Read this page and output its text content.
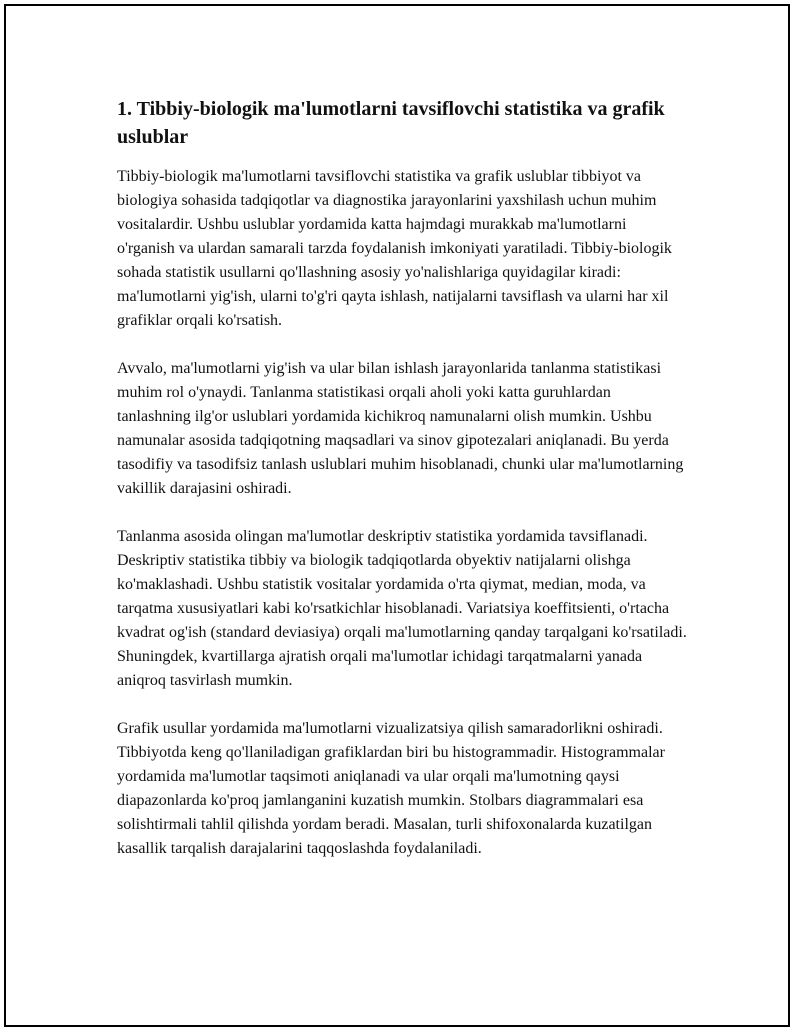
1. Tibbiy-biologik ma'lumotlarni tavsiflovchi statistika va grafik uslublar

Tibbiy-biologik ma'lumotlarni tavsiflovchi statistika va grafik uslublar tibbiyot va biologiya sohasida tadqiqotlar va diagnostika jarayonlarini yaxshilash uchun muhim vositalardir. Ushbu uslublar yordamida katta hajmdagi murakkab ma'lumotlarni o'rganish va ulardan samarali tarzda foydalanish imkoniyati yaratiladi. Tibbiy-biologik sohada statistik usullarni qo'llashning asosiy yo'nalishlariga quyidagilar kiradi: ma'lumotlarni yig'ish, ularni to'g'ri qayta ishlash, natijalarni tavsiflash va ularni har xil grafiklar orqali ko'rsatish.

Avvalo, ma'lumotlarni yig'ish va ular bilan ishlash jarayonlarida tanlanma statistikasi muhim rol o'ynaydi. Tanlanma statistikasi orqali aholi yoki katta guruhlardan tanlashning ilg'or uslublari yordamida kichikroq namunalarni olish mumkin. Ushbu namunalar asosida tadqiqotning maqsadlari va sinov gipotezalari aniqlanadi. Bu yerda tasodifiy va tasodifsiz tanlash uslublari muhim hisoblanadi, chunki ular ma'lumotlarning vakillik darajasini oshiradi.

Tanlanma asosida olingan ma'lumotlar deskriptiv statistika yordamida tavsiflanadi. Deskriptiv statistika tibbiy va biologik tadqiqotlarda obyektiv natijalarni olishga ko'maklashadi. Ushbu statistik vositalar yordamida o'rta qiymat, median, moda, va tarqatma xususiyatlari kabi ko'rsatkichlar hisoblanadi. Variatsiya koeffitsienti, o'rtacha kvadrat og'ish (standard deviasiya) orqali ma'lumotlarning qanday tarqalgani ko'rsatiladi. Shuningdek, kvartillarga ajratish orqali ma'lumotlar ichidagi tarqatmalarni yanada aniqroq tasvirlash mumkin.

Grafik usullar yordamida ma'lumotlarni vizualizatsiya qilish samaradorlikni oshiradi. Tibbiyotda keng qo'llaniladigan grafiklardan biri bu histogrammadir. Histogrammalar yordamida ma'lumotlar taqsimoti aniqlanadi va ular orqali ma'lumotning qaysi diapazonlarda ko'proq jamlanganini kuzatish mumkin. Stolbars diagrammalari esa solishtirmali tahlil qilishda yordam beradi. Masalan, turli shifoxonalarda kuzatilgan kasallik tarqalish darajalarini taqqoslashda foydalaniladi.
